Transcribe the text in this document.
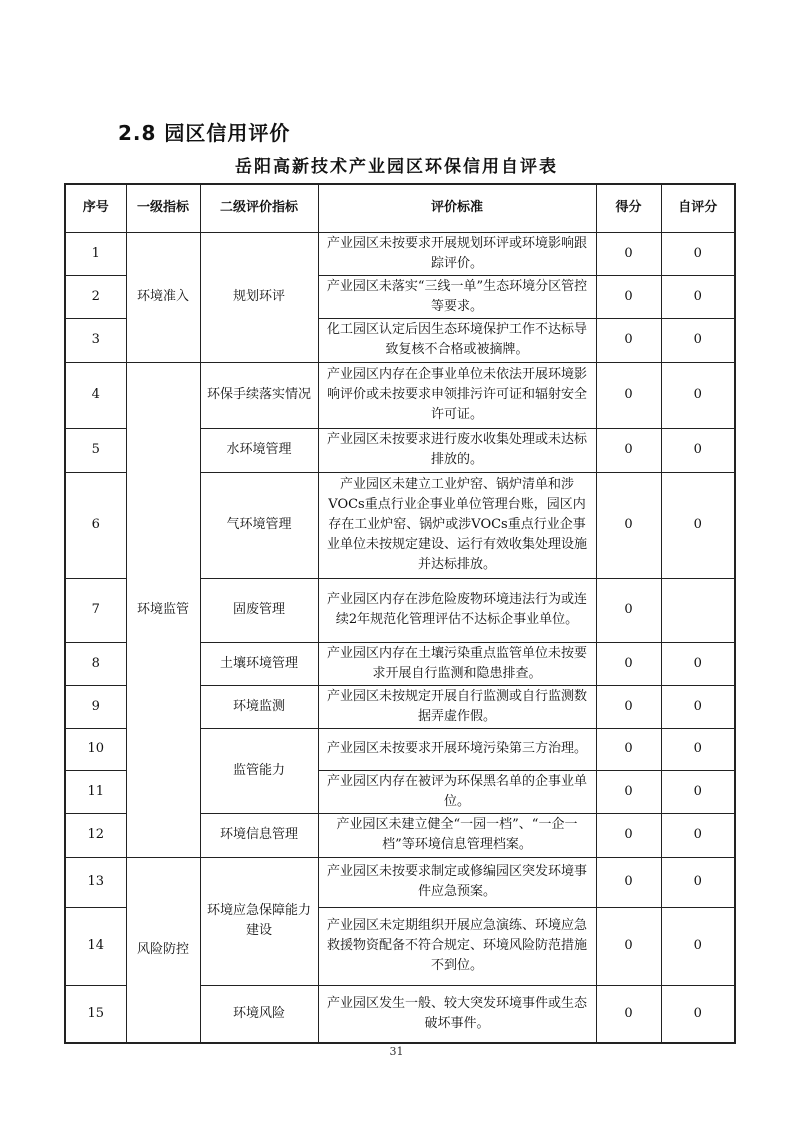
2.8 园区信用评价
岳阳高新技术产业园区环保信用自评表
序号	一级指标	二级评价指标	评价标准	得分	自评分
1	环境准入	规划环评	产业园区未按要求开展规划环评或环境影响跟踪评价。	0	0
2			产业园区未落实“三线一单”生态环境分区管控等要求。	0	0
3			化工园区认定后因生态环境保护工作不达标导致复核不合格或被摘牌。	0	0
4	环境监管	环保手续落实情况	产业园区内存在企事业单位未依法开展环境影响评价或未按要求申领排污许可证和辐射安全许可证。	0	0
5		水环境管理	产业园区未按要求进行废水收集处理或未达标排放的。	0	0
6		气环境管理	产业园区未建立工业炉窑、锅炉清单和涉VOCs重点行业企事业单位管理台账，园区内存在工业炉窑、锅炉或涉VOCs重点行业企事业单位未按规定建设、运行有效收集处理设施并达标排放。	0	0
7		固废管理	产业园区内存在涉危险废物环境违法行为或连续2年规范化管理评估不达标企事业单位。	0	
8		土壤环境管理	产业园区内存在土壤污染重点监管单位未按要求开展自行监测和隐患排查。	0	0
9		环境监测	产业园区未按规定开展自行监测或自行监测数据弄虚作假。	0	0
10		监管能力	产业园区未按要求开展环境污染第三方治理。	0	0
11			产业园区内存在被评为环保黑名单的企事业单位。	0	0
12		环境信息管理	产业园区未建立健全“一园一档”、“一企一档”等环境信息管理档案。	0	0
13	风险防控	环境应急保障能力建设	产业园区未按要求制定或修编园区突发环境事件应急预案。	0	0
14			产业园区未定期组织开展应急演练、环境应急救援物资配备不符合规定、环境风险防范措施不到位。	0	0
15		环境风险	产业园区发生一般、较大突发环境事件或生态破坏事件。	0	0
31
